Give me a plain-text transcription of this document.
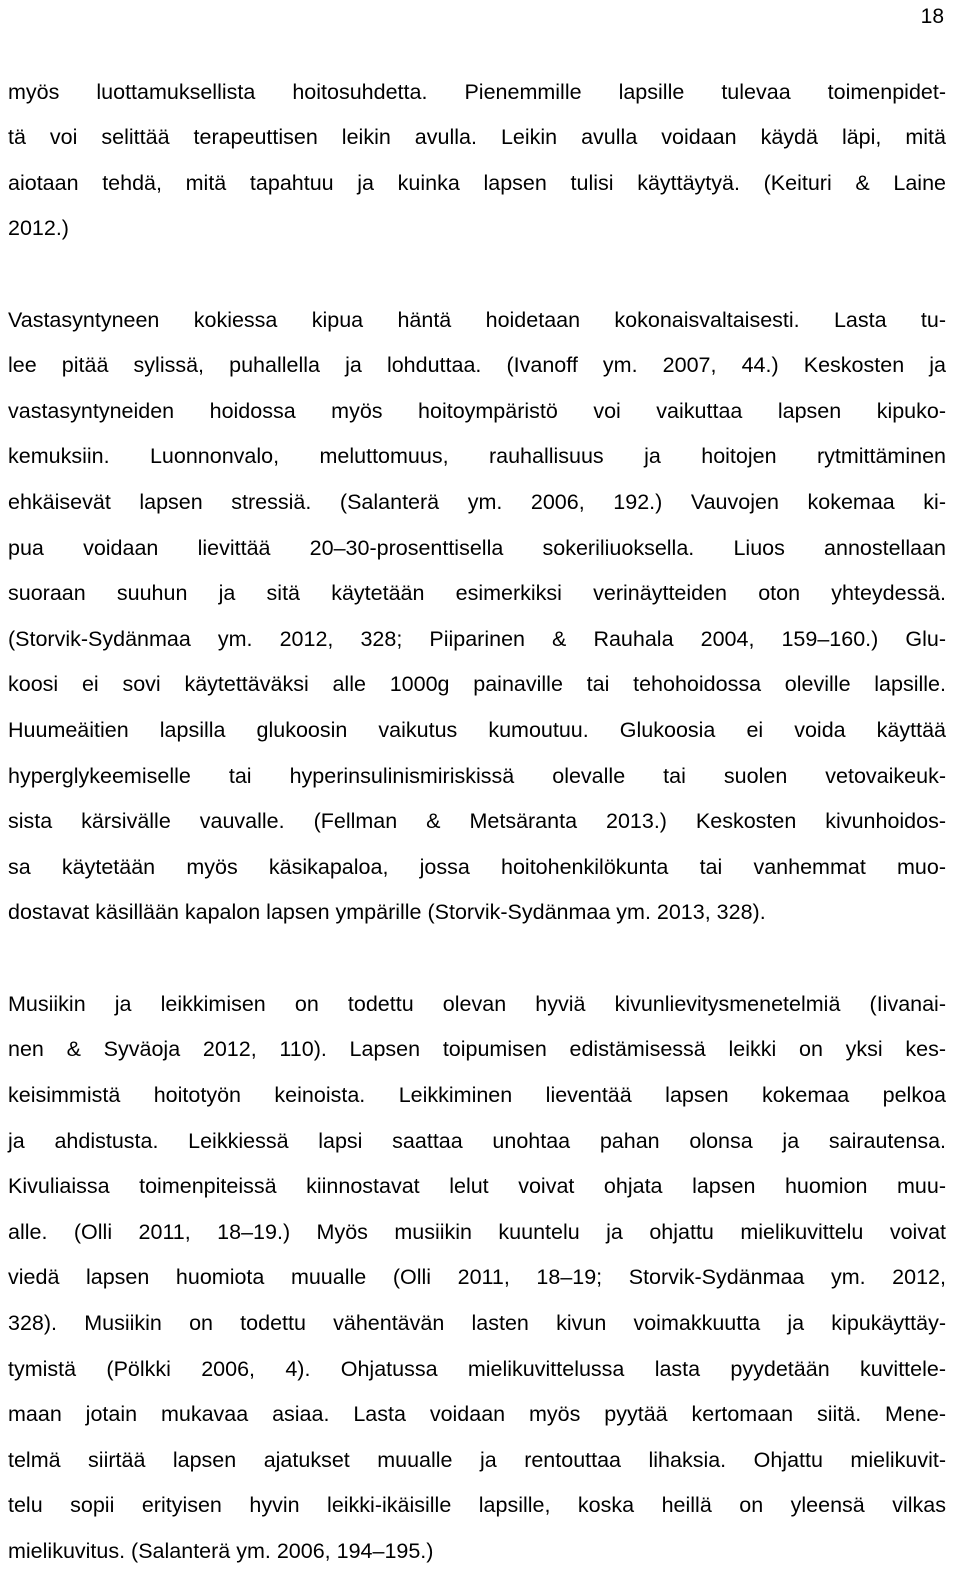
18
myös luottamuksellista hoitosuhdetta. Pienemmille lapsille tulevaa toimenpidet-
tä voi selittää terapeuttisen leikin avulla. Leikin avulla voidaan käydä läpi, mitä
aiotaan tehdä, mitä tapahtuu ja kuinka lapsen tulisi käyttäytyä. (Keituri & Laine
2012.)
Vastasyntyneen kokiessa kipua häntä hoidetaan kokonaisvaltaisesti. Lasta tu-
lee pitää sylissä, puhallella ja lohduttaa. (Ivanoff ym. 2007, 44.) Keskosten ja
vastasyntyneiden hoidossa myös hoitoympäristö voi vaikuttaa lapsen kipuko-
kemuksiin. Luonnonvalo, meluttomuus, rauhallisuus ja hoitojen rytmittäminen
ehkäisevät lapsen stressiä. (Salanterä ym. 2006, 192.) Vauvojen kokemaa ki-
pua voidaan lievittää 20–30-prosenttisella sokeriliuoksella. Liuos annostellaan
suoraan suuhun ja sitä käytetään esimerkiksi verinäytteiden oton yhteydessä.
(Storvik-Sydänmaa ym. 2012, 328; Piiparinen & Rauhala 2004, 159–160.) Glu-
koosi ei sovi käytettäväksi alle 1000g painaville tai tehohoidossa oleville lapsille.
Huumeäitien lapsilla glukoosin vaikutus kumoutuu. Glukoosia ei voida käyttää
hyperglykeemiselle tai hyperinsulinismiriskissä olevalle tai suolen vetovaikeuk-
sista kärsivälle vauvalle. (Fellman & Metsäranta 2013.) Keskosten kivunhoidos-
sa käytetään myös käsikapaloa, jossa hoitohenkilökunta tai vanhemmat muo-
dostavat käsillään kapalon lapsen ympärille (Storvik-Sydänmaa ym. 2013, 328).
Musiikin ja leikkimisen on todettu olevan hyviä kivunlievitysmenetelmiä (Iivanai-
nen & Syväoja 2012, 110). Lapsen toipumisen edistämisessä leikki on yksi kes-
keisimmistä hoitotyön keinoista. Leikkiminen lieventää lapsen kokemaa pelkoa
ja ahdistusta. Leikkiessä lapsi saattaa unohtaa pahan olonsa ja sairautensa.
Kivuliaissa toimenpiteissä kiinnostavat lelut voivat ohjata lapsen huomion muu-
alle. (Olli 2011, 18–19.) Myös musiikin kuuntelu ja ohjattu mielikuvittelu voivat
viedä lapsen huomiota muualle (Olli 2011, 18–19; Storvik-Sydänmaa ym. 2012,
328). Musiikin on todettu vähentävän lasten kivun voimakkuutta ja kipukäyttäy-
tymistä (Pölkki 2006, 4). Ohjatussa mielikuvittelussa lasta pyydetään kuvittele-
maan jotain mukavaa asiaa. Lasta voidaan myös pyytää kertomaan siitä. Mene-
telmä siirtää lapsen ajatukset muualle ja rentouttaa lihaksia. Ohjattu mielikuvit-
telu sopii erityisen hyvin leikki-ikäisille lapsille, koska heillä on yleensä vilkas
mielikuvitus. (Salanterä ym. 2006, 194–195.)
